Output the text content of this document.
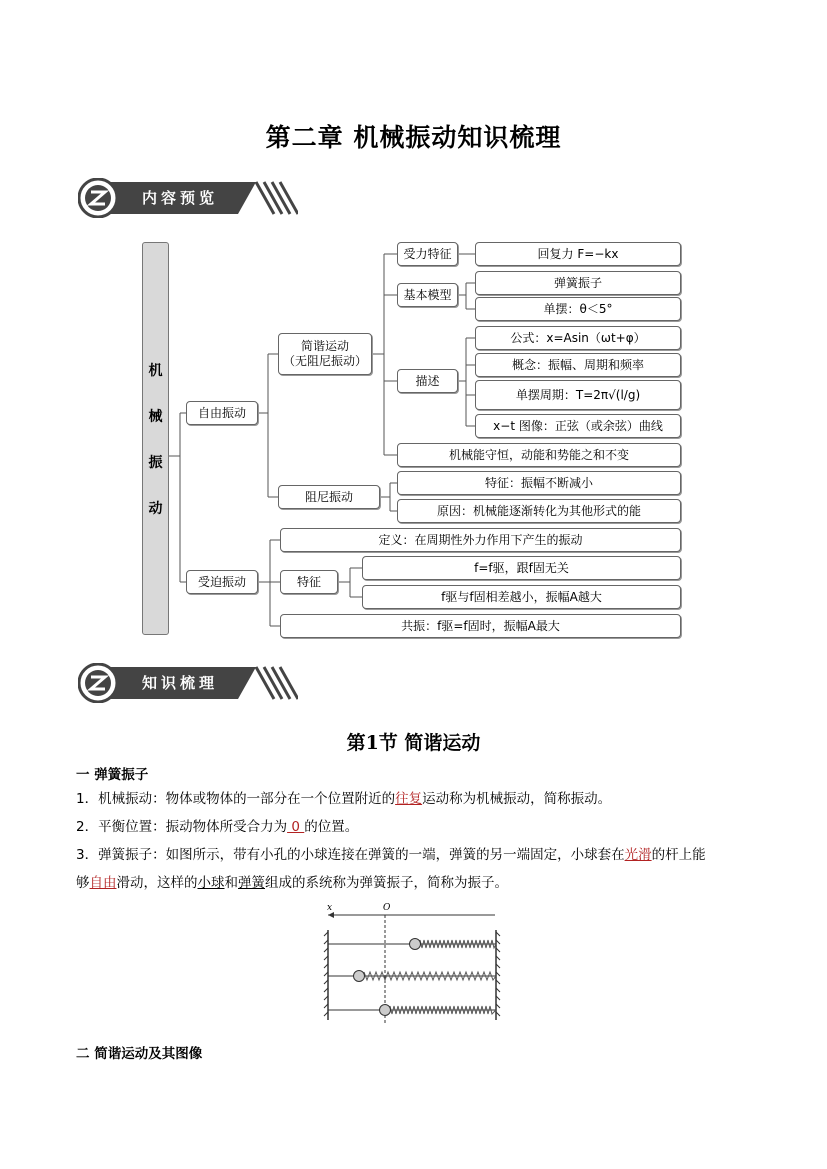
第二章 机械振动知识梳理
内容预览
机
械
振
动
自由振动
简谐运动
（无阻尼振动）
受力特征	回复力 F=−kx
基本模型
弹簧振子
单摆：θ＜5°
描述
公式：x=Asin（ωt+φ）
概念：振幅、周期和频率
单摆周期：T=2π√(l/g)
x−t 图像：正弦（或余弦）曲线
机械能守恒，动能和势能之和不变
阻尼振动
特征：振幅不断减小
原因：机械能逐渐转化为其他形式的能
受迫振动
定义：在周期性外力作用下产生的振动
特征
f=f驱，跟f固无关
f驱与f固相差越小，振幅A越大
共振：f驱=f固时，振幅A最大
知识梳理
第1节 简谐运动
一 弹簧振子
1．机械振动：物体或物体的一部分在一个位置附近的往复运动称为机械振动，简称振动。
2．平衡位置：振动物体所受合力为 0 的位置。
3．弹簧振子：如图所示，带有小孔的小球连接在弹簧的一端，弹簧的另一端固定，小球套在光滑的杆上能
够自由滑动，这样的小球和弹簧组成的系统称为弹簧振子，简称为振子。
x	O
二 简谐运动及其图像
